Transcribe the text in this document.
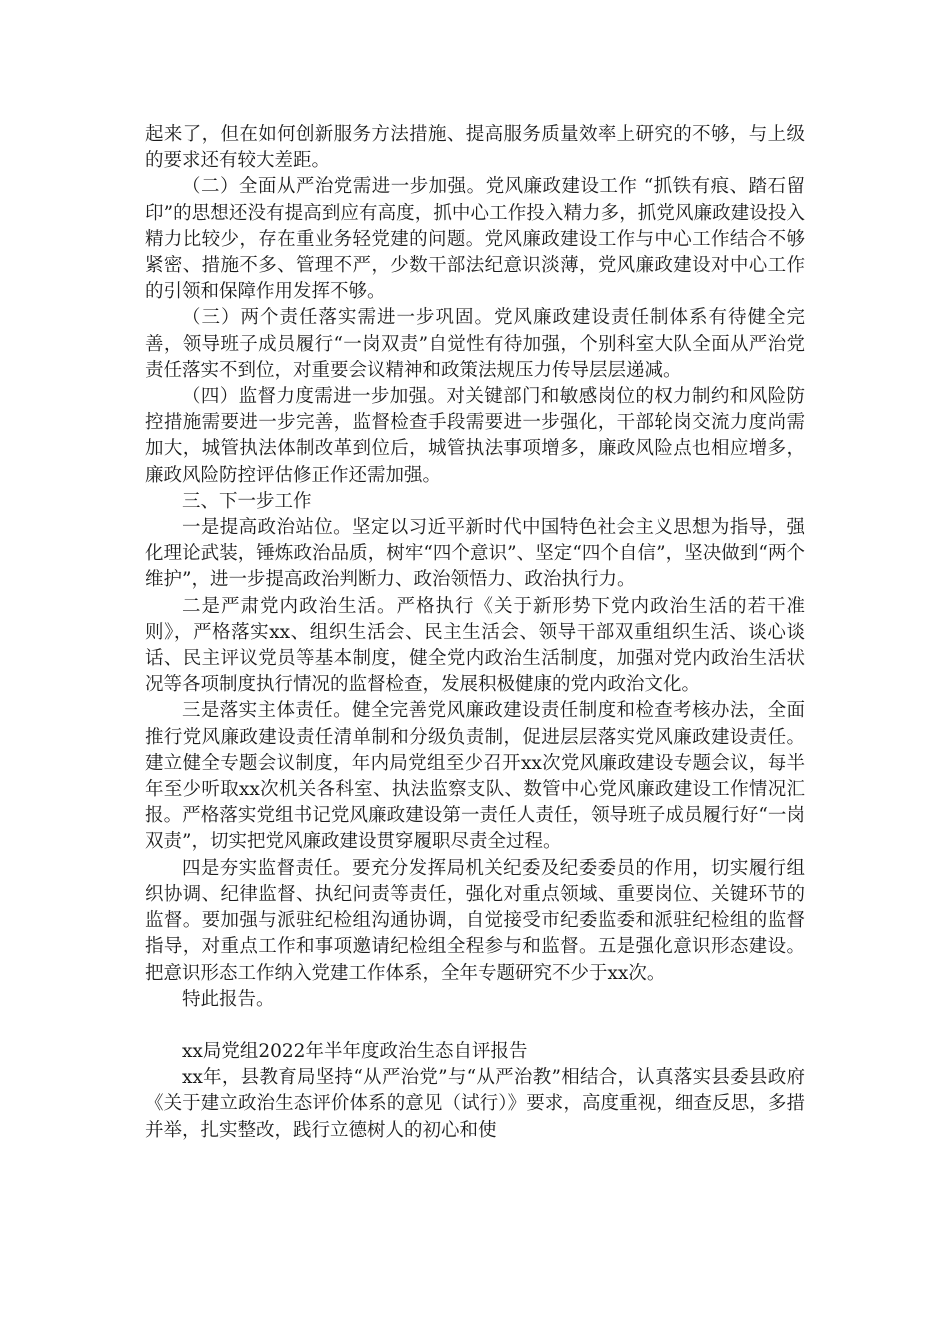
起来了，但在如何创新服务方法措施、提高服务质量效率上研究的不够，与上级的要求还有较大差距。

（二）全面从严治党需进一步加强。党风廉政建设工作 “抓铁有痕、踏石留印”的思想还没有提高到应有高度，抓中心工作投入精力多，抓党风廉政建设投入精力比较少，存在重业务轻党建的问题。党风廉政建设工作与中心工作结合不够紧密、措施不多、管理不严，少数干部法纪意识淡薄，党风廉政建设对中心工作的引领和保障作用发挥不够。

（三）两个责任落实需进一步巩固。党风廉政建设责任制体系有待健全完善，领导班子成员履行“一岗双责”自觉性有待加强，个别科室大队全面从严治党责任落实不到位，对重要会议精神和政策法规压力传导层层递减。

（四）监督力度需进一步加强。对关键部门和敏感岗位的权力制约和风险防控措施需要进一步完善，监督检查手段需要进一步强化，干部轮岗交流力度尚需加大，城管执法体制改革到位后，城管执法事项增多，廉政风险点也相应增多，廉政风险防控评估修正作还需加强。

三、下一步工作

一是提高政治站位。坚定以习近平新时代中国特色社会主义思想为指导，强化理论武装，锤炼政治品质，树牢“四个意识”、坚定“四个自信”，坚决做到“两个维护”，进一步提高政治判断力、政治领悟力、政治执行力。

二是严肃党内政治生活。严格执行《关于新形势下党内政治生活的若干准则》，严格落实xx、组织生活会、民主生活会、领导干部双重组织生活、谈心谈话、民主评议党员等基本制度，健全党内政治生活制度，加强对党内政治生活状况等各项制度执行情况的监督检查，发展积极健康的党内政治文化。

三是落实主体责任。健全完善党风廉政建设责任制度和检查考核办法，全面推行党风廉政建设责任清单制和分级负责制，促进层层落实党风廉政建设责任。建立健全专题会议制度，年内局党组至少召开xx次党风廉政建设专题会议，每半年至少听取xx次机关各科室、执法监察支队、数管中心党风廉政建设工作情况汇报。严格落实党组书记党风廉政建设第一责任人责任，领导班子成员履行好“一岗双责”，切实把党风廉政建设贯穿履职尽责全过程。

四是夯实监督责任。要充分发挥局机关纪委及纪委委员的作用，切实履行组织协调、纪律监督、执纪问责等责任，强化对重点领域、重要岗位、关键环节的监督。要加强与派驻纪检组沟通协调，自觉接受市纪委监委和派驻纪检组的监督指导，对重点工作和事项邀请纪检组全程参与和监督。五是强化意识形态建设。把意识形态工作纳入党建工作体系，全年专题研究不少于xx次。

特此报告。

xx局党组2022年半年度政治生态自评报告

xx年，县教育局坚持“从严治党”与“从严治教”相结合，认真落实县委县政府《关于建立政治生态评价体系的意见（试行）》要求，高度重视，细查反思，多措并举，扎实整改，践行立德树人的初心和使
